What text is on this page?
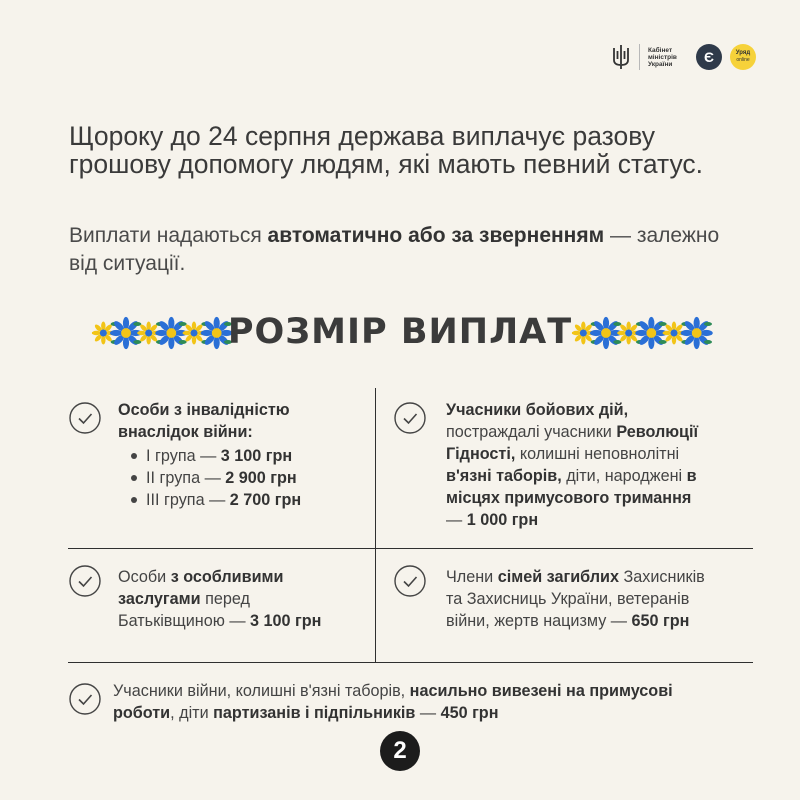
Кабінет
міністрів
України	Є	Уряд
online
Щороку до 24 серпня держава виплачує разову грошову допомогу людям, які мають певний статус.
Виплати надаються автоматично або за зверненням — залежно від ситуації.
РОЗМІР ВИПЛАТ
Особи з інвалідністю
внаслідок війни:
І група — 3 100 грн
ІІ група — 2 900 грн
ІІІ група — 2 700 грн
Учасники бойових дій,
постраждалі учасники Революції
Гідності, колишні неповнолітні
в'язні таборів, діти, народжені в
місцях примусового тримання
— 1 000 грн
Особи з особливими
заслугами перед
Батьківщиною — 3 100 грн
Члени сімей загиблих Захисників
та Захисниць України, ветеранів
війни, жертв нацизму — 650 грн
Учасники війни, колишні в'язні таборів, насильно вивезені на примусові
роботи, діти партизанів і підпільників — 450 грн
2
